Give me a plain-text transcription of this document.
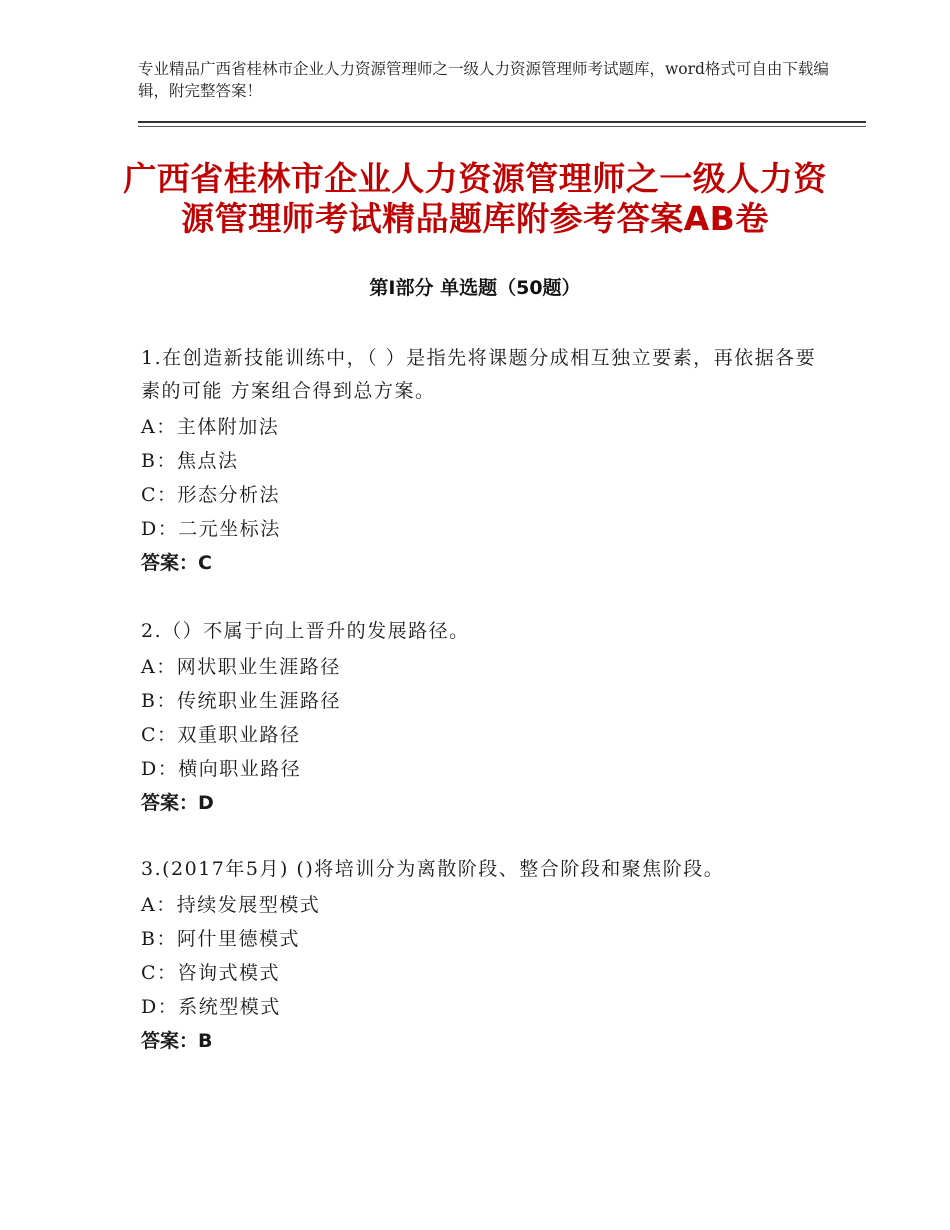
专业精品广西省桂林市企业人力资源管理师之一级人力资源管理师考试题库，word格式可自由下载编辑，附完整答案！

广西省桂林市企业人力资源管理师之一级人力资源管理师考试精品题库附参考答案AB卷
第Ⅰ部分 单选题（50题）

1.在创造新技能训练中，（ ）是指先将课题分成相互独立要素，再依据各要素的可能 方案组合得到总方案。

A：主体附加法

B：焦点法

C：形态分析法

D：二元坐标法

答案：C

2.（）不属于向上晋升的发展路径。

A：网状职业生涯路径

B：传统职业生涯路径

C：双重职业路径

D：横向职业路径

答案：D

3.(2017年5月) ()将培训分为离散阶段、整合阶段和聚焦阶段。

A：持续发展型模式

B：阿什里德模式

C：咨询式模式

D：系统型模式

答案：B
